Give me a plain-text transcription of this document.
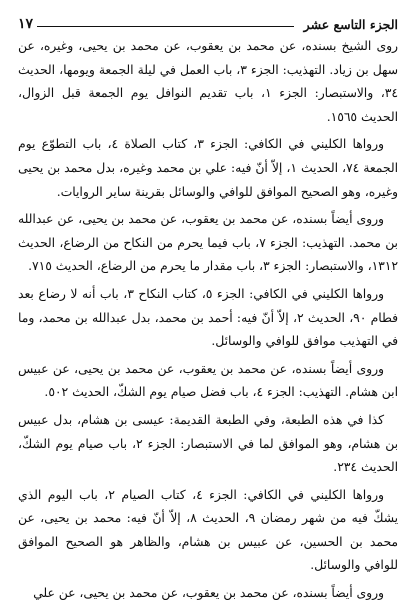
الجزء التاسع عشر
١٧

روى الشيخ بسنده، عن محمد بن يعقوب، عن محمد بن يحيى، وغيره، عن سهل بن زياد. التهذيب: الجزء ٣، باب العمل في ليلة الجمعة ويومها، الحديث ٣٤، والاستبصار: الجزء ١، باب تقديم النوافل يوم الجمعة قبل الزوال، الحديث ١٥٦٥.

ورواها الكليني في الكافي: الجزء ٣، كتاب الصلاة ٤، باب التطوّع يوم الجمعة ٧٤، الحديث ١، إلاّ أنّ فيه: علي بن محمد وغيره، بدل محمد بن يحيى وغيره، وهو الصحيح الموافق للوافي والوسائل بقرينة ساير الروايات.

وروى أيضاً بسنده، عن محمد بن يعقوب، عن محمد بن يحيى، عن عبدالله بن محمد. التهذيب: الجزء ٧، باب فيما يحرم من النكاح من الرضاع، الحديث ١٣١٢، والاستبصار: الجزء ٣، باب مقدار ما يحرم من الرضاع، الحديث ٧١٥.

ورواها الكليني في الكافي: الجزء ٥، كتاب النكاح ٣، باب أنه لا رضاع بعد فطام ٩٠، الحديث ٢، إلاّ أنّ فيه: أحمد بن محمد، بدل عبدالله بن محمد، وما في التهذيب موافق للوافي والوسائل.

وروى أيضاً بسنده، عن محمد بن يعقوب، عن محمد بن يحيى، عن عبيس ابن هشام. التهذيب: الجزء ٤، باب فضل صيام يوم الشكّ، الحديث ٥٠٢.

كذا في هذه الطبعة، وفي الطبعة القديمة: عيسى بن هشام، بدل عبيس بن هشام، وهو الموافق لما في الاستبصار: الجزء ٢، باب صيام يوم الشكّ، الحديث ٢٣٤.

ورواها الكليني في الكافي: الجزء ٤، كتاب الصيام ٢، باب اليوم الذي يشكّ فيه من شهر رمضان ٩، الحديث ٨، إلاّ أنّ فيه: محمد بن يحيى، عن محمد بن الحسين، عن عبيس بن هشام، والظاهر هو الصحيح الموافق للوافي والوسائل.

وروى أيضاً بسنده، عن محمد بن يعقوب، عن محمد بن يحيى، عن علي
